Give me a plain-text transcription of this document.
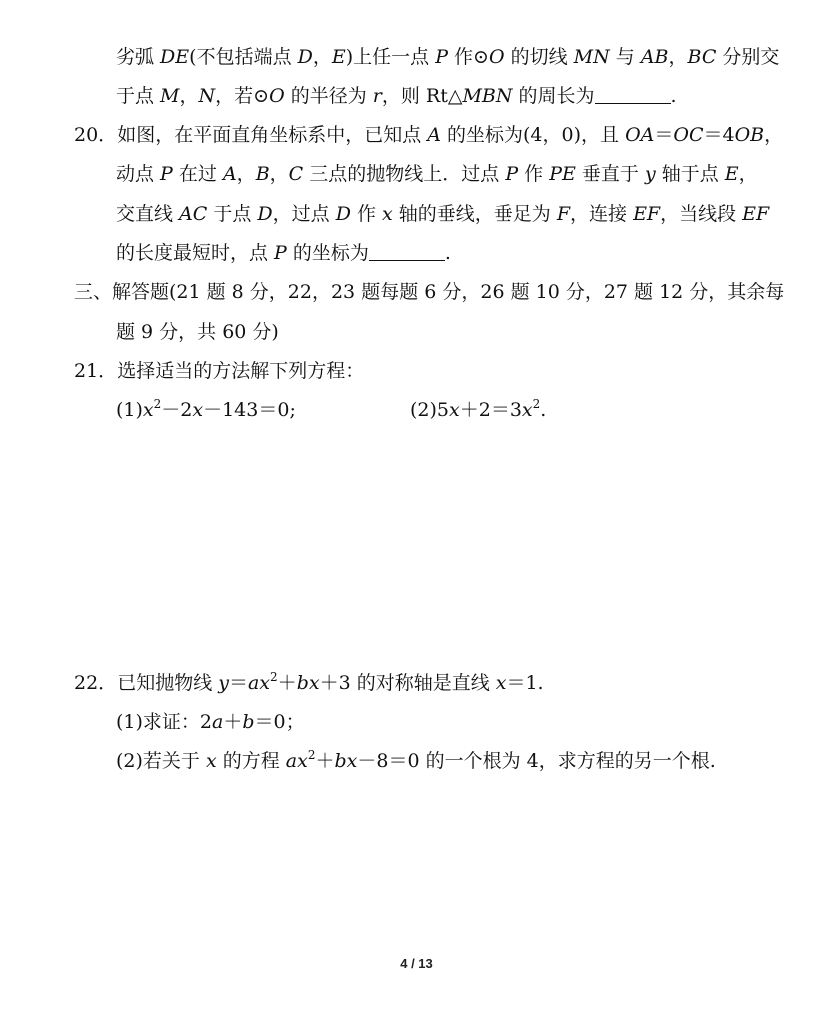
劣弧 DE(不包括端点 D，E)上任一点 P 作⊙O 的切线 MN 与 AB，BC 分别交
于点 M，N，若⊙O 的半径为 r，则 Rt△MBN 的周长为	.
20．如图，在平面直角坐标系中，已知点 A 的坐标为(4，0)，且 OA＝OC＝4OB，
动点 P 在过 A，B，C 三点的抛物线上．过点 P 作 PE 垂直于 y 轴于点 E，
交直线 AC 于点 D，过点 D 作 x 轴的垂线，垂足为 F，连接 EF，当线段 EF
的长度最短时，点 P 的坐标为	.
三、解答题(21 题 8 分，22，23 题每题 6 分，26 题 10 分，27 题 12 分，其余每
题 9 分，共 60 分)
21．选择适当的方法解下列方程：
$(1)x^2-2x-143=0$;	$(2)5x+2=3x^2$.
22．已知抛物线 $y=ax^2+bx+3$ 的对称轴是直线 x＝1.
(1)求证：2a＋b＝0；
(2)若关于 x 的方程 $ax^2+bx-8=0$ 的一个根为 4，求方程的另一个根.
4 / 13
